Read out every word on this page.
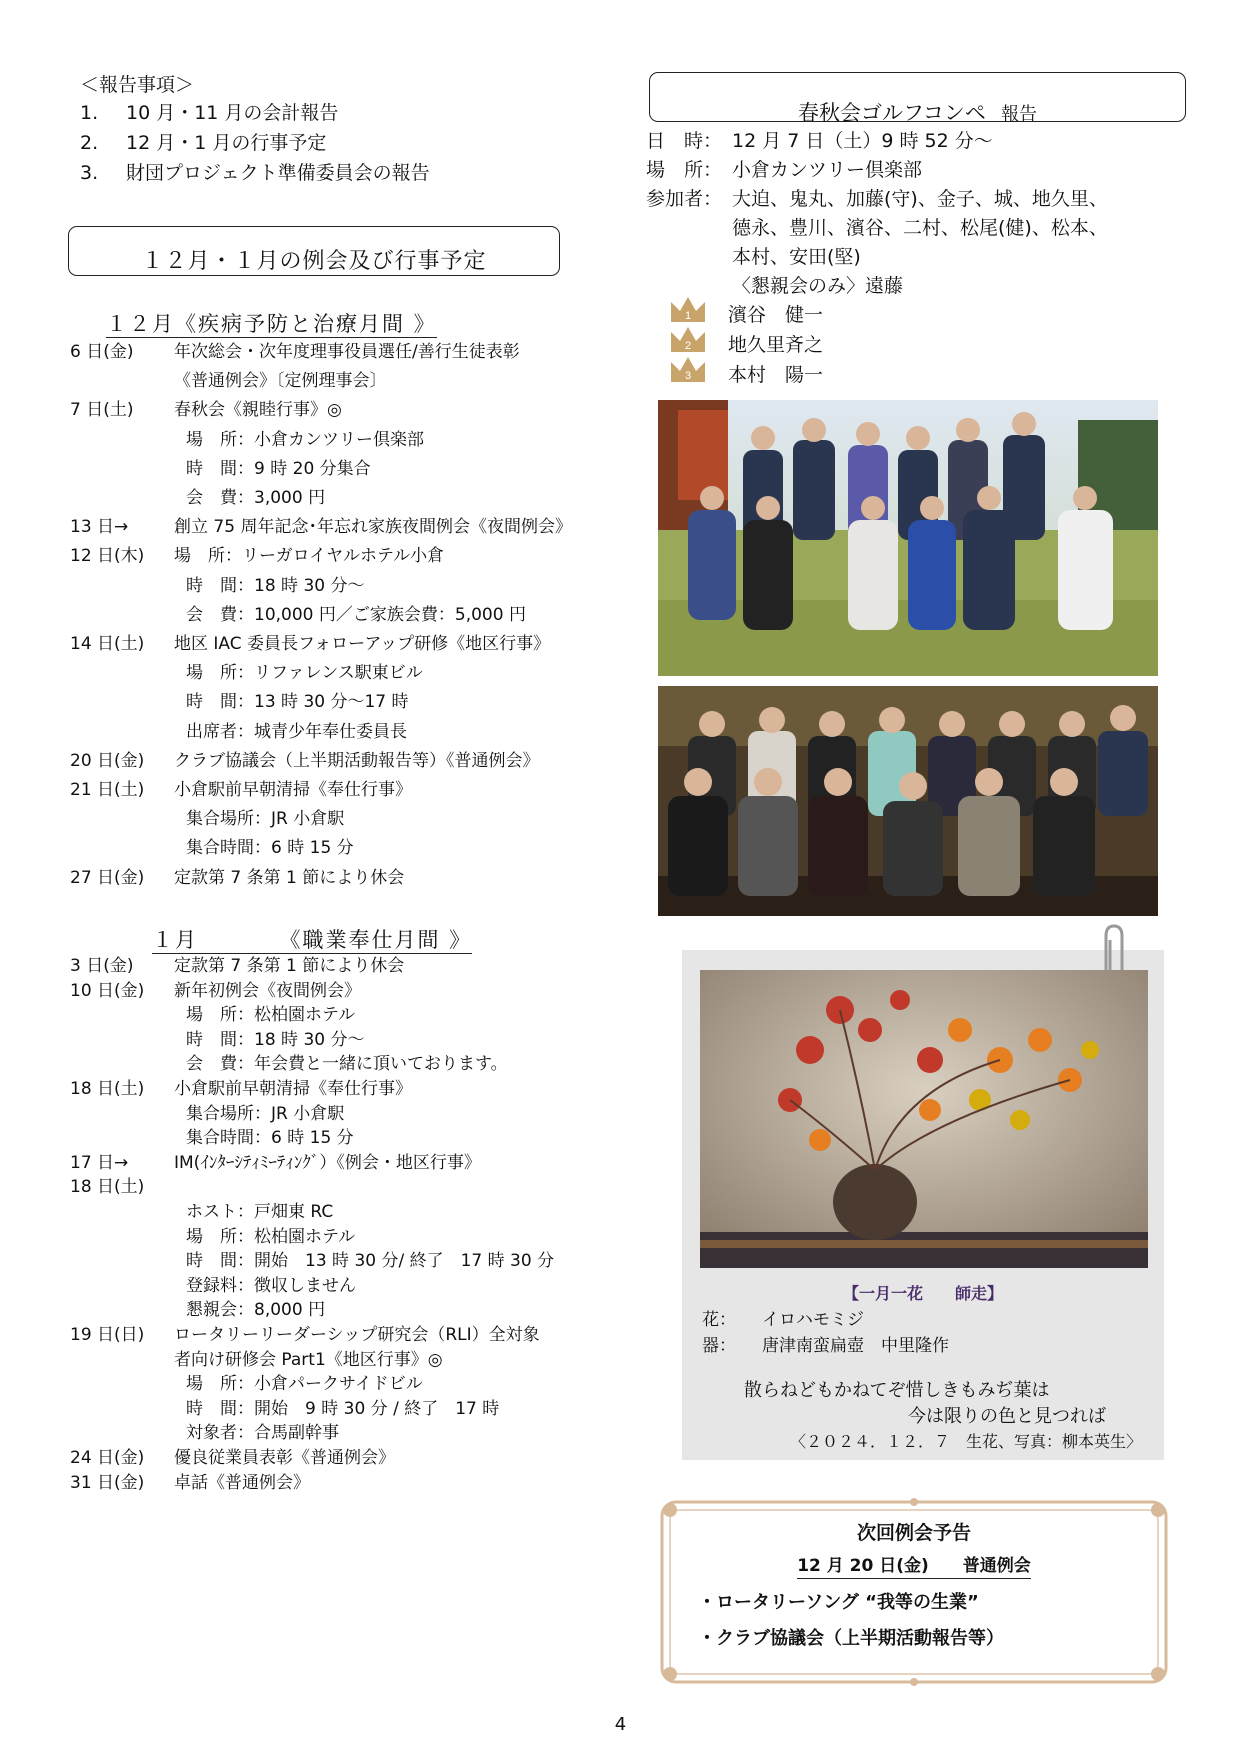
＜報告事項＞
1. 10 月・11 月の会計報告
2. 12 月・1 月の行事予定
3. 財団プロジェクト準備委員会の報告
１２月・１月の例会及び行事予定
１２月《疾病予防と治療月間 》
6 日(金) 年次総会・次年度理事役員選任/善行生徒表彰
《普通例会》〔定例理事会〕
7 日(土) 春秋会《親睦行事》◎
場　所：小倉カンツリー倶楽部
時　間：9 時 20 分集合
会　費：3,000 円
13 日→	創立 75 周年記念･年忘れ家族夜間例会《夜間例会》
12 日(木) 場　所：リーガロイヤルホテル小倉
時　間：18 時 30 分～
会　費：10,000 円／ご家族会費：5,000 円
14 日(土) 地区 IAC 委員長フォローアップ研修《地区行事》
場　所：リファレンス駅東ビル
時　間：13 時 30 分～17 時
出席者：城青少年奉仕委員長
20 日(金) クラブ協議会（上半期活動報告等）《普通例会》
21 日(土) 小倉駅前早朝清掃《奉仕行事》
集合場所：JR 小倉駅
集合時間：6 時 15 分
27 日(金) 定款第 7 条第 1 節により休会
１月　　　　《職業奉仕月間 》
3 日(金) 定款第 7 条第 1 節により休会
10 日(金) 新年初例会《夜間例会》
場　所：松柏園ホテル
時　間：18 時 30 分～
会　費：年会費と一緒に頂いております。
18 日(土) 小倉駅前早朝清掃《奉仕行事》
集合場所：JR 小倉駅
集合時間：6 時 15 分
17 日→	IM(ｲﾝﾀｰｼﾃｨﾐｰﾃｨﾝｸﾞ）《例会・地区行事》
18 日(土)
ホスト：戸畑東 RC
場　所：松柏園ホテル
時　間：開始　13 時 30 分/ 終了　17 時 30 分
登録料：徴収しません
懇親会：8,000 円
19 日(日) ロータリーリーダーシップ研究会（RLI）全対象
者向け研修会 Part1《地区行事》◎
場　所：小倉パークサイドビル
時　間：開始　9 時 30 分 / 終了　17 時
対象者：合馬副幹事
24 日(金) 優良従業員表彰《普通例会》
31 日(金) 卓話《普通例会》
春秋会ゴルフコンペ 報告
日　時： 12 月 7 日（土）9 時 52 分～
場　所： 小倉カンツリー倶楽部
参加者： 大迫、鬼丸、加藤(守)、金子、城、地久里、
德永、豊川、濱谷、二村、松尾(健)、松本、
本村、安田(堅)
〈懇親会のみ〉遠藤
1 濱谷　健一
2 地久里斉之
3 本村　陽一
【一月一花　　師走】
花： イロハモミジ
器： 唐津南蛮扁壺　中里隆作
散らねどもかねてぞ惜しきもみぢ葉は
今は限りの色と見つれば
〈２０２４．１２．７　生花、写真：柳本英生〉
次回例会予告
12 月 20 日(金)　　普通例会
・ロータリーソング “我等の生業”
・クラブ協議会（上半期活動報告等）
4
